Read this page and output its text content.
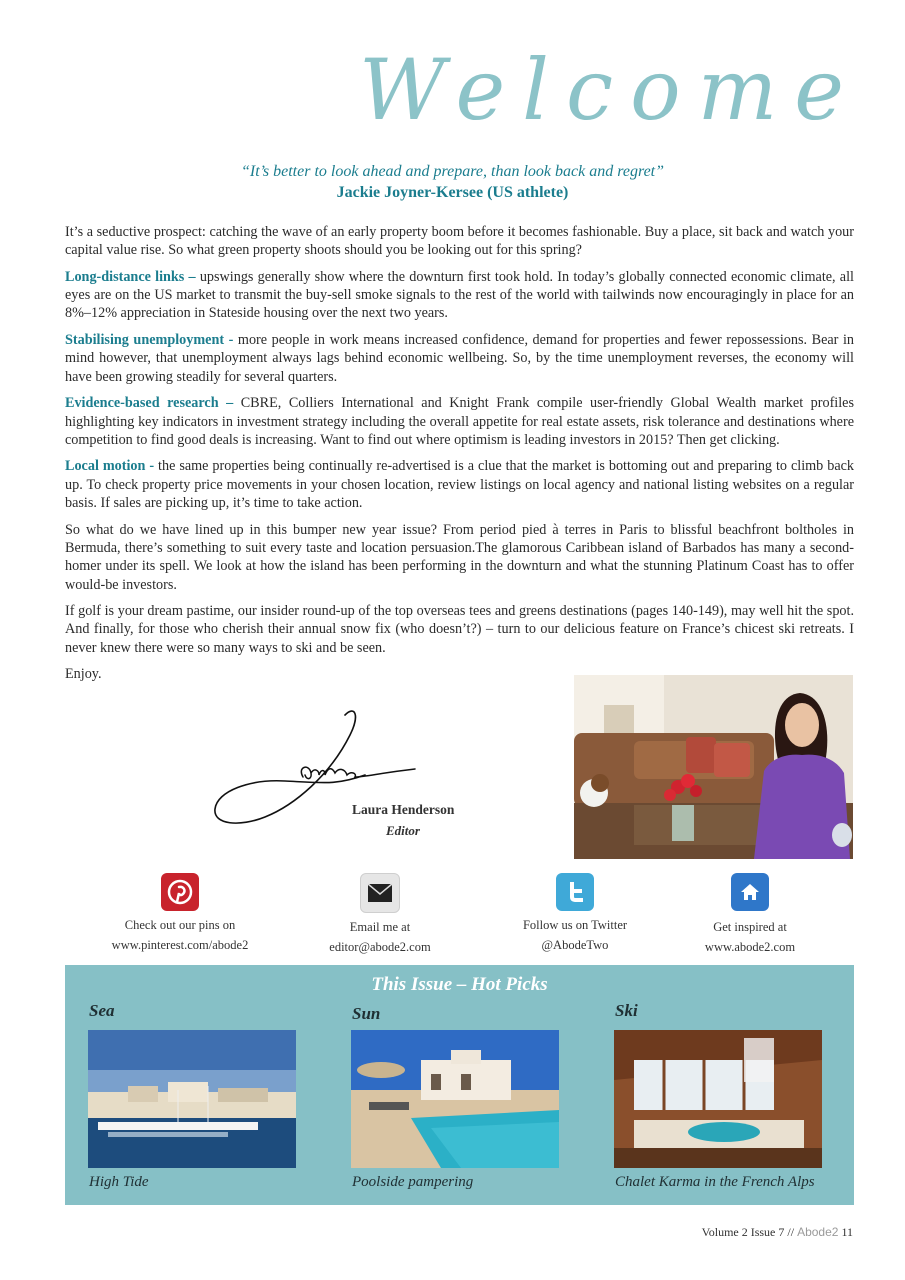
Welcome
“It’s better to look ahead and prepare, than look back and regret”
Jackie Joyner-Kersee (US athlete)

It’s a seductive prospect: catching the wave of an early property boom before it becomes fashionable. Buy a place, sit back and watch your capital value rise. So what green property shoots should you be looking out for this spring?

Long-distance links – upswings generally show where the downturn first took hold. In today’s globally connected economic climate, all eyes are on the US market to transmit the buy-sell smoke signals to the rest of the world with tailwinds now encouragingly in place for an 8%–12% appreciation in Stateside housing over the next two years.

Stabilising unemployment - more people in work means increased confidence, demand for properties and fewer repossessions. Bear in mind however, that unemployment always lags behind economic wellbeing. So, by the time unemployment reverses, the economy will have been growing steadily for several quarters.

Evidence-based research – CBRE, Colliers International and Knight Frank compile user-friendly Global Wealth market profiles highlighting key indicators in investment strategy including the overall appetite for real estate assets, risk tolerance and destinations where competition to find good deals is increasing. Want to find out where optimism is leading investors in 2015? Then get clicking.

Local motion - the same properties being continually re-advertised is a clue that the market is bottoming out and preparing to climb back up. To check property price movements in your chosen location, review listings on local agency and national listing websites on a regular basis. If sales are picking up, it’s time to take action.

So what do we have lined up in this bumper new year issue? From period pied à terres in Paris to blissful beachfront boltholes in Bermuda, there’s something to suit every taste and location persuasion.The glamorous Caribbean island of Barbados has many a second-homer under its spell. We look at how the island has been performing in the downturn and what the stunning Platinum Coast has to offer would-be investors.

If golf is your dream pastime, our insider round-up of the top overseas tees and greens destinations (pages 140-149), may well hit the spot. And finally, for those who cherish their annual snow fix (who doesn’t?) – turn to our delicious feature on France’s chicest ski retreats. I never knew there were so many ways to ski and be seen.

Enjoy.

Laura Henderson
Editor
Check out our pins on
www.pinterest.com/abode2
Email me at
editor@abode2.com
Follow us on Twitter
@AbodeTwo
Get inspired at
www.abode2.com
This Issue – Hot Picks
Sea
High Tide
Sun
Poolside pampering
Ski
Chalet Karma in the French Alps
Volume 2 Issue 7 // Abode2 11
